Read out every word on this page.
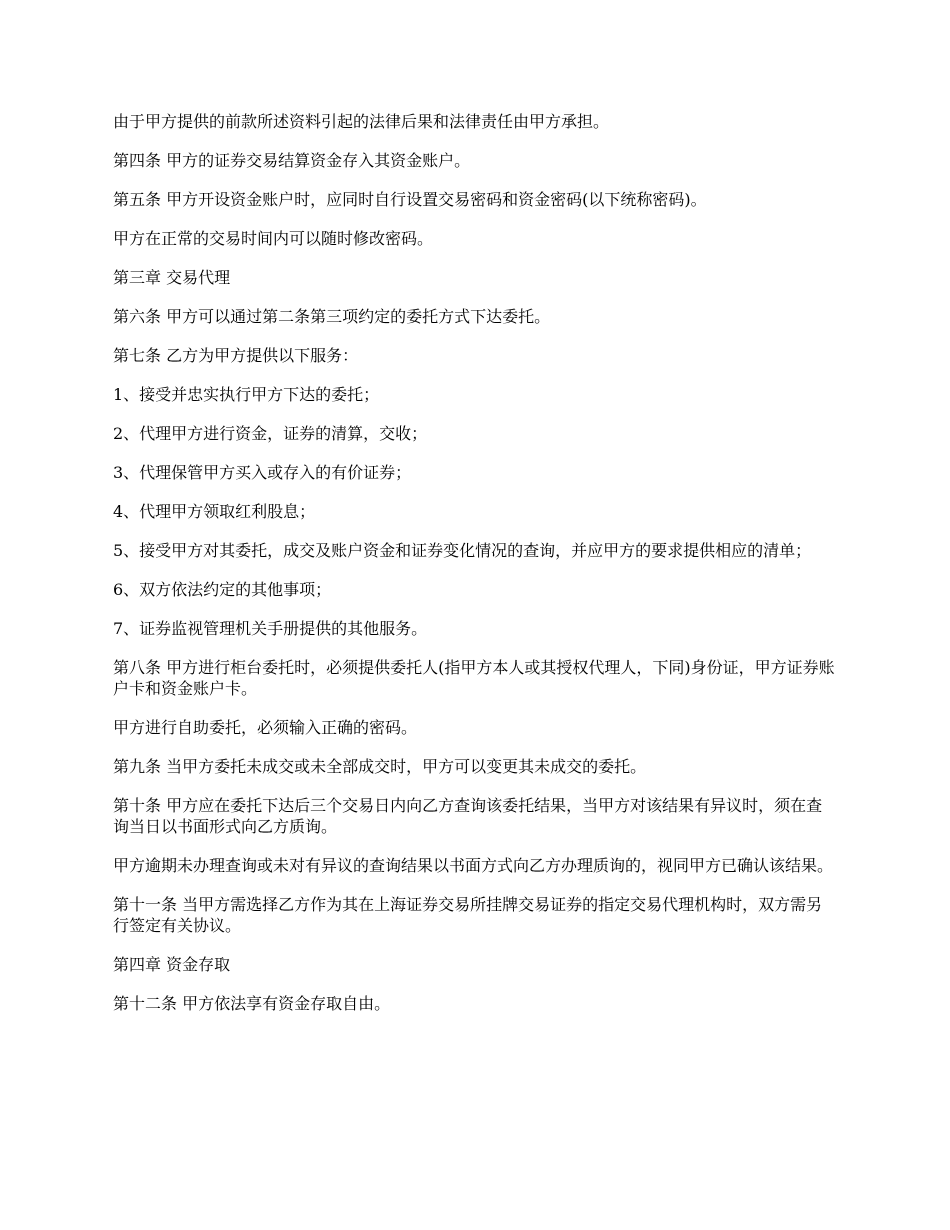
由于甲方提供的前款所述资料引起的法律后果和法律责任由甲方承担。

第四条 甲方的证券交易结算资金存入其资金账户。

第五条 甲方开设资金账户时，应同时自行设置交易密码和资金密码(以下统称密码)。

甲方在正常的交易时间内可以随时修改密码。

第三章 交易代理

第六条 甲方可以通过第二条第三项约定的委托方式下达委托。

第七条 乙方为甲方提供以下服务：

1、接受并忠实执行甲方下达的委托；

2、代理甲方进行资金，证券的清算，交收；

3、代理保管甲方买入或存入的有价证券；

4、代理甲方领取红利股息；

5、接受甲方对其委托，成交及账户资金和证券变化情况的查询，并应甲方的要求提供相应的清单；

6、双方依法约定的其他事项；

7、证券监视管理机关手册提供的其他服务。

第八条 甲方进行柜台委托时，必须提供委托人(指甲方本人或其授权代理人，下同)身份证，甲方证券账户卡和资金账户卡。

甲方进行自助委托，必须输入正确的密码。

第九条 当甲方委托未成交或未全部成交时，甲方可以变更其未成交的委托。

第十条 甲方应在委托下达后三个交易日内向乙方查询该委托结果，当甲方对该结果有异议时，须在查询当日以书面形式向乙方质询。

甲方逾期未办理查询或未对有异议的查询结果以书面方式向乙方办理质询的，视同甲方已确认该结果。

第十一条 当甲方需选择乙方作为其在上海证券交易所挂牌交易证券的指定交易代理机构时，双方需另行签定有关协议。

第四章 资金存取

第十二条 甲方依法享有资金存取自由。
